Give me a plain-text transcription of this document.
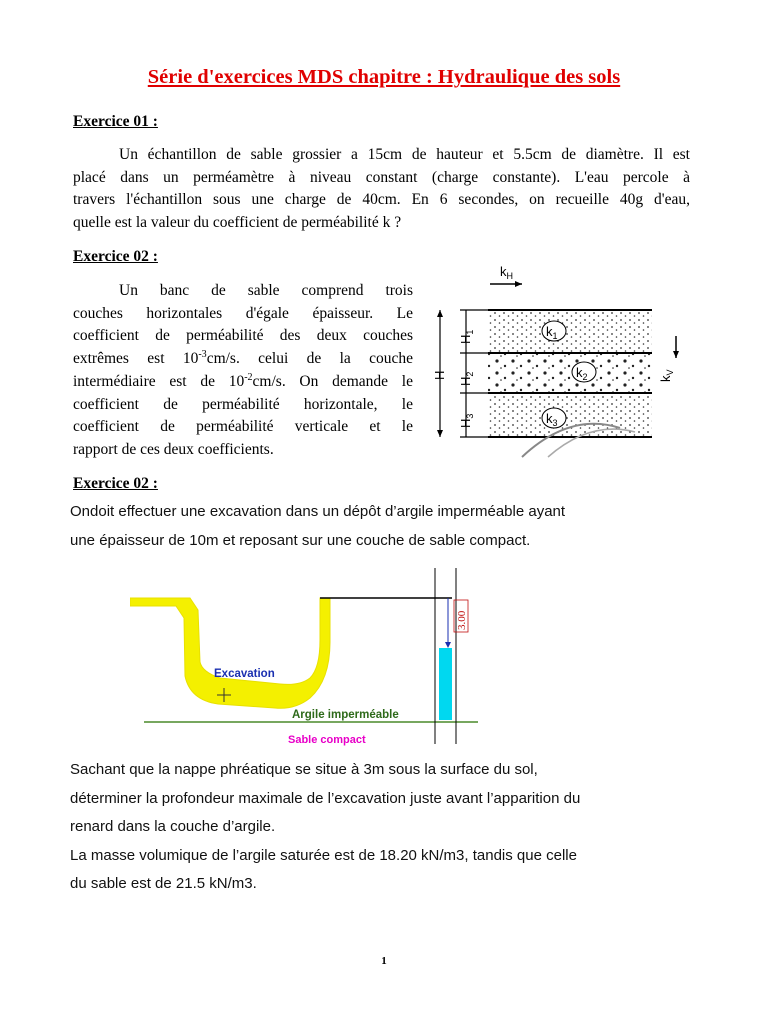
Série d'exercices MDS chapitre : Hydraulique des sols
Exercice 01 :
Un échantillon de sable grossier a 15cm de hauteur et 5.5cm de diamètre. Il est
placé dans un perméamètre à niveau constant (charge constante). L'eau percole à
travers l'échantillon sous une charge de 40cm. En 6 secondes, on recueille 40g d'eau,
quelle est la valeur du coefficient de perméabilité k ?
Exercice 02 :
Un banc de sable comprend trois
couches horizontales d'égale épaisseur. Le
coefficient de perméabilité des deux couches
extrêmes est $10^{-3}cm/s$. celui de la couche
intermédiaire est de $10^{-2}cm/s$. On demande le
coefficient de perméabilité horizontale, le
coefficient de perméabilité verticale et le
rapport de ces deux coefficients.
$k_H$
$k_V$
H
$H_1$
$H_2$
$H_3$
$k_1$
$k_2$
$k_3$
Exercice 02 :
Ondoit effectuer une excavation dans un dépôt d’argile imperméable ayant
une épaisseur de 10m et reposant sur une couche de sable compact.
3.00
Excavation
Argile imperméable
Sable compact
Sachant que la nappe phréatique se situe à 3m sous la surface du sol,
déterminer la profondeur maximale de l’excavation juste avant l’apparition du
renard dans la couche d’argile.
La masse volumique de l’argile saturée est de 18.20 kN/m3, tandis que celle
du sable est de 21.5 kN/m3.
1
